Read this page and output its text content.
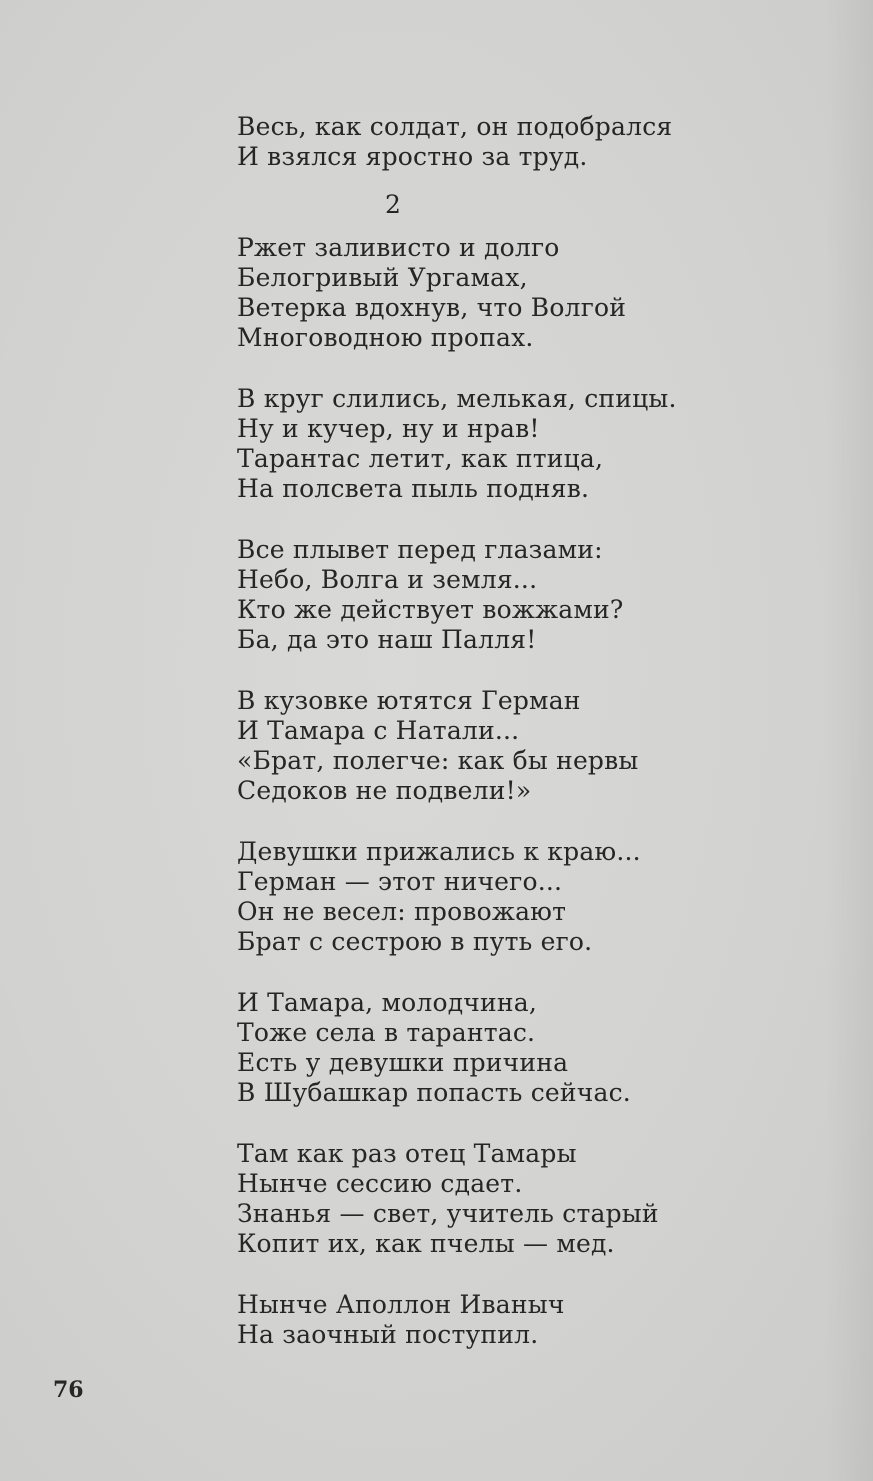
Весь, как солдат, он подобрался
И взялся яростно за труд.
2
Ржет заливисто и долго
Белогривый Ургамах,
Ветерка вдохнув, что Волгой
Многоводною пропах.
В круг слились, мелькая, спицы.
Ну и кучер, ну и нрав!
Тарантас летит, как птица,
На полсвета пыль подняв.
Все плывет перед глазами:
Небо, Волга и земля...
Кто же действует вожжами?
Ба, да это наш Палля!
В кузовке ютятся Герман
И Тамара с Натали...
«Брат, полегче: как бы нервы
Седоков не подвели!»
Девушки прижались к краю...
Герман — этот ничего...
Он не весел: провожают
Брат с сестрою в путь его.
И Тамара, молодчина,
Тоже села в тарантас.
Есть у девушки причина
В Шубашкар попасть сейчас.
Там как раз отец Тамары
Нынче сессию сдает.
Знанья — свет, учитель старый
Копит их, как пчелы — мед.
Нынче Аполлон Иваныч
На заочный поступил.
76
